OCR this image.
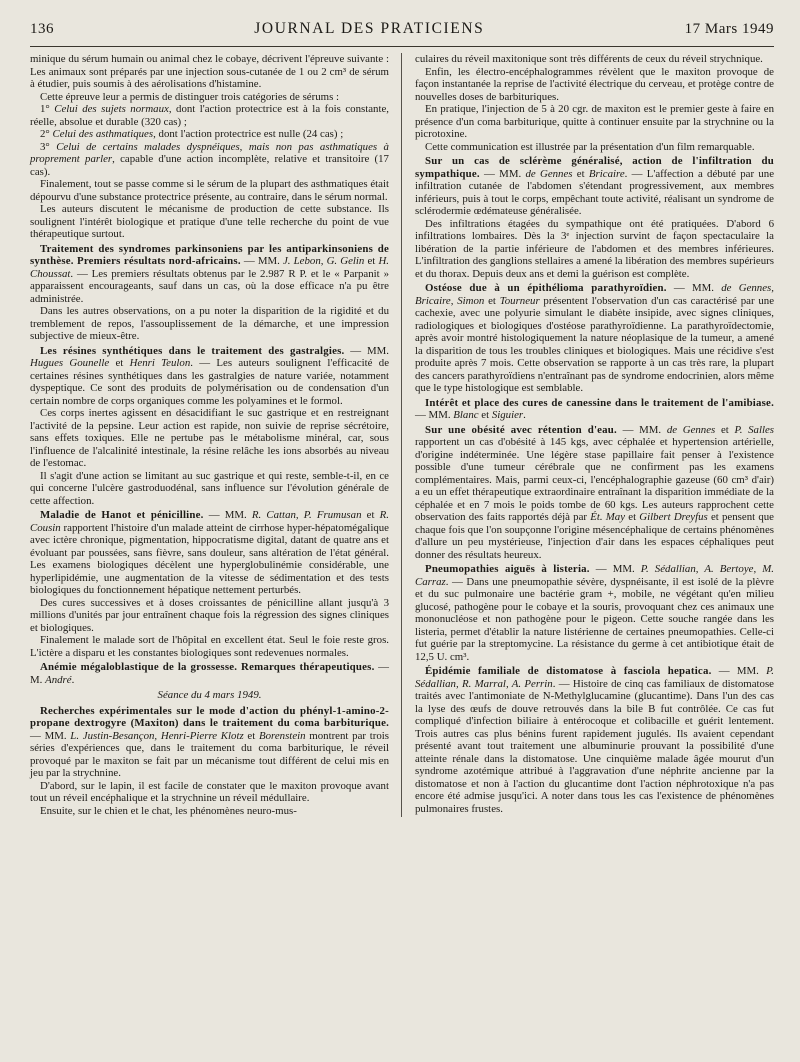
136	JOURNAL DES PRATICIENS	17 Mars 1949

minique du sérum humain ou animal chez le cobaye, décrivent l'épreuve suivante : Les animaux sont préparés par une injection sous-cutanée de 1 ou 2 cm³ de sérum à étudier, puis soumis à des aérolisations d'histamine.

Cette épreuve leur a permis de distinguer trois catégories de sérums :

1° Celui des sujets normaux, dont l'action protectrice est à la fois constante, réelle, absolue et durable (320 cas) ;

2° Celui des asthmatiques, dont l'action protectrice est nulle (24 cas) ;

3° Celui de certains malades dyspnéiques, mais non pas asthmatiques à proprement parler, capable d'une action incomplète, relative et transitoire (17 cas).

Finalement, tout se passe comme si le sérum de la plupart des asthmatiques était dépourvu d'une substance protectrice présente, au contraire, dans le sérum normal.

Les auteurs discutent le mécanisme de production de cette substance. Ils soulignent l'intérêt biologique et pratique d'une telle recherche du point de vue thérapeutique surtout.

Traitement des syndromes parkinsoniens par les antiparkinsoniens de synthèse. Premiers résultats nord-africains. — MM. J. Lebon, G. Gelin et H. Choussat. — Les premiers résultats obtenus par le 2.987 R P. et le « Parpanit » apparaissent encourageants, sauf dans un cas, où la dose efficace n'a pu être administrée.

Dans les autres observations, on a pu noter la disparition de la rigidité et du tremblement de repos, l'assouplissement de la démarche, et une impression subjective de mieux-être.

Les résines synthétiques dans le traitement des gastralgies. — MM. Hugues Gounelle et Henri Teulon. — Les auteurs soulignent l'efficacité de certaines résines synthétiques dans les gastralgies de nature variée, notamment dyspeptique. Ce sont des produits de polymérisation ou de condensation d'un certain nombre de corps organiques comme les polyamines et le formol.

Ces corps inertes agissent en désacidifiant le suc gastrique et en restreignant l'activité de la pepsine. Leur action est rapide, non suivie de reprise sécrétoire, sans effets toxiques. Elle ne pertube pas le métabolisme minéral, car, sous l'influence de l'alcalinité intestinale, la résine relâche les ions absorbés au niveau de l'estomac.

Il s'agit d'une action se limitant au suc gastrique et qui reste, semble-t-il, en ce qui concerne l'ulcère gastroduodénal, sans influence sur l'évolution générale de cette affection.

Maladie de Hanot et pénicilline. — MM. R. Cattan, P. Frumusan et R. Cousin rapportent l'histoire d'un malade atteint de cirrhose hyper-hépatomégalique avec ictère chronique, pigmentation, hippocratisme digital, datant de quatre ans et évoluant par poussées, sans fièvre, sans douleur, sans altération de l'état général. Les examens biologiques décèlent une hyperglobulinémie considérable, une hyperlipidémie, une augmentation de la vitesse de sédimentation et des tests biologiques du fonctionnement hépatique nettement perturbés.

Des cures successives et à doses croissantes de pénicilline allant jusqu'à 3 millions d'unités par jour entraînent chaque fois la régression des signes cliniques et biologiques.

Finalement le malade sort de l'hôpital en excellent état. Seul le foie reste gros. L'ictère a disparu et les constantes biologiques sont redevenues normales.

Anémie mégaloblastique de la grossesse. Remarques thérapeutiques. — M. André.

Séance du 4 mars 1949.

Recherches expérimentales sur le mode d'action du phényl-1-amino-2-propane dextrogyre (Maxiton) dans le traitement du coma barbiturique. — MM. L. Justin-Besançon, Henri-Pierre Klotz et Borenstein montrent par trois séries d'expériences que, dans le traitement du coma barbiturique, le réveil provoqué par le maxiton se fait par un mécanisme tout différent de celui mis en jeu par la strychnine.

D'abord, sur le lapin, il est facile de constater que le maxiton provoque avant tout un réveil encéphalique et la strychnine un réveil médullaire.

Ensuite, sur le chien et le chat, les phénomènes neuro-mus-

culaires du réveil maxitonique sont très différents de ceux du réveil strychnique.

Enfin, les électro-encéphalogrammes révèlent que le maxiton provoque de façon instantanée la reprise de l'activité électrique du cerveau, et protège contre de nouvelles doses de barbituriques.

En pratique, l'injection de 5 à 20 cgr. de maxiton est le premier geste à faire en présence d'un coma barbiturique, quitte à continuer ensuite par la strychnine ou la picrotoxine.

Cette communication est illustrée par la présentation d'un film remarquable.

Sur un cas de sclérème généralisé, action de l'infiltration du sympathique. — MM. de Gennes et Bricaire. — L'affection a débuté par une infiltration cutanée de l'abdomen s'étendant progressivement, aux membres inférieurs, puis à tout le corps, empêchant toute activité, réalisant un syndrome de sclérodermie œdémateuse généralisée.

Des infiltrations étagées du sympathique ont été pratiquées. D'abord 6 infiltrations lombaires. Dès la 3ᵉ injection survint de façon spectaculaire la libération de la partie inférieure de l'abdomen et des membres inférieures. L'infiltration des ganglions stellaires a amené la libération des membres supérieurs et du thorax. Depuis deux ans et demi la guérison est complète.

Ostéose due à un épithélioma parathyroïdien. — MM. de Gennes, Bricaire, Simon et Tourneur présentent l'observation d'un cas caractérisé par une cachexie, avec une polyurie simulant le diabète insipide, avec signes cliniques, radiologiques et biologiques d'ostéose parathyroïdienne. La parathyroïdectomie, après avoir montré histologiquement la nature néoplasique de la tumeur, a amené la disparition de tous les troubles cliniques et biologiques. Mais une récidive s'est produite après 7 mois. Cette observation se rapporte à un cas très rare, la plupart des cancers parathyroïdiens n'entraînant pas de syndrome endocrinien, alors même que le type histologique est semblable.

Intérêt et place des cures de canessine dans le traitement de l'amibiase. — MM. Blanc et Siguier.

Sur une obésité avec rétention d'eau. — MM. de Gennes et P. Salles rapportent un cas d'obésité à 145 kgs, avec céphalée et hypertension artérielle, d'origine indéterminée. Une légère stase papillaire fait penser à l'existence possible d'une tumeur cérébrale que ne confirment pas les examens complémentaires. Mais, parmi ceux-ci, l'encéphalographie gazeuse (60 cm³ d'air) a eu un effet thérapeutique extraordinaire entraînant la disparition immédiate de la céphalée et en 7 mois le poids tombe de 60 kgs. Les auteurs rapprochent cette observation des faits rapportés déjà par Ét. May et Gilbert Dreyfus et pensent que chaque fois que l'on soupçonne l'origine mésencéphalique de certains phénomènes d'allure un peu mystérieuse, l'injection d'air dans les espaces céphaliques peut donner des résultats heureux.

Pneumopathies aiguës à listeria. — MM. P. Sédallian, A. Bertoye, M. Carraz. — Dans une pneumopathie sévère, dyspnéisante, il est isolé de la plèvre et du suc pulmonaire une bactérie gram +, mobile, ne végétant qu'en milieu glucosé, pathogène pour le cobaye et la souris, provoquant chez ces animaux une mononucléose et non pathogène pour le pigeon. Cette souche rangée dans les listeria, permet d'établir la nature listérienne de certaines pneumopathies. Celle-ci fut guérie par la streptomycine. La résistance du germe à cet antibiotique était de 12,5 U. cm³.

Épidémie familiale de distomatose à fasciola hepatica. — MM. P. Sédallian, R. Marral, A. Perrin. — Histoire de cinq cas familiaux de distomatose traités avec l'antimoniate de N-Methylglucamine (glucantime). Dans l'un des cas la lyse des œufs de douve retrouvés dans la bile B fut contrôlée. Ce cas fut compliqué d'infection biliaire à entérocoque et colibacille et guérit lentement. Trois autres cas plus bénins furent rapidement jugulés. Ils avaient cependant présenté avant tout traitement une albuminurie prouvant la possibilité d'une atteinte rénale dans la distomatose. Une cinquième malade âgée mourut d'un syndrome azotémique attribué à l'aggravation d'une néphrite ancienne par la distomatose et non à l'action du glucantime dont l'action néphrotoxique n'a pas encore été admise jusqu'ici. A noter dans tous les cas l'existence de phénomènes pulmonaires frustes.
